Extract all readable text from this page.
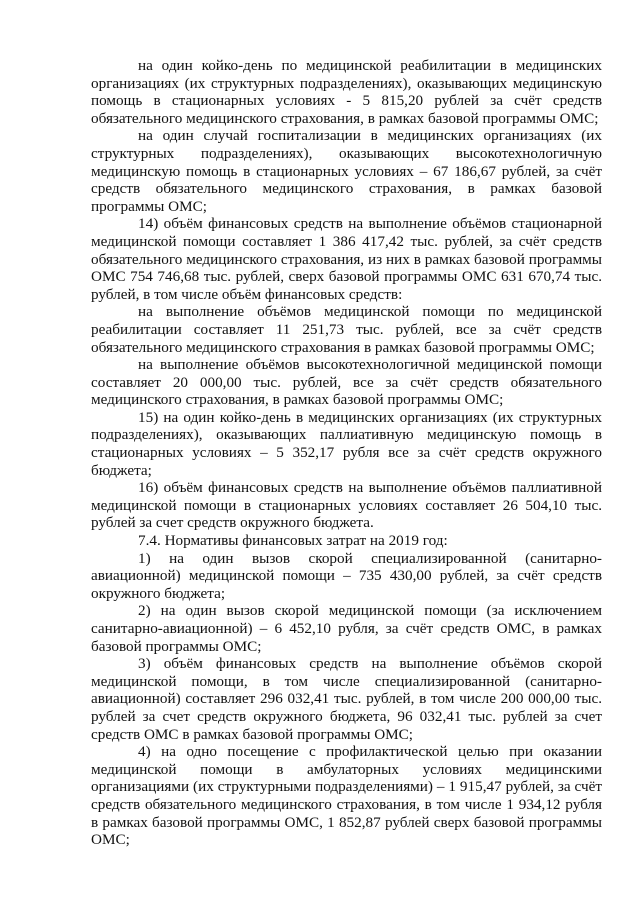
на один койко-день по медицинской реабилитации в медицинских организациях (их структурных подразделениях), оказывающих медицинскую помощь в стационарных условиях - 5 815,20 рублей за счёт средств обязательного медицинского страхования, в рамках базовой программы ОМС;

на один случай госпитализации в медицинских организациях (их структурных подразделениях), оказывающих высокотехнологичную медицинскую помощь в стационарных условиях – 67 186,67 рублей, за счёт средств обязательного медицинского страхования, в рамках базовой программы ОМС;

14) объём финансовых средств на выполнение объёмов стационарной медицинской помощи составляет 1 386 417,42 тыс. рублей, за счёт средств обязательного медицинского страхования, из них в рамках базовой программы ОМС 754 746,68 тыс. рублей, сверх базовой программы ОМС 631 670,74 тыс. рублей, в том числе объём финансовых средств:

на выполнение объёмов медицинской помощи по медицинской реабилитации составляет 11 251,73 тыс. рублей, все за счёт средств обязательного медицинского страхования в рамках базовой программы ОМС;

на выполнение объёмов высокотехнологичной медицинской помощи составляет 20 000,00 тыс. рублей, все за счёт средств обязательного медицинского страхования, в рамках базовой программы ОМС;

15) на один койко-день в медицинских организациях (их структурных подразделениях), оказывающих паллиативную медицинскую помощь в стационарных условиях – 5 352,17 рубля все за счёт средств окружного бюджета;

16) объём финансовых средств на выполнение объёмов паллиативной медицинской помощи в стационарных условиях составляет 26 504,10 тыс. рублей за счет средств окружного бюджета.

7.4. Нормативы финансовых затрат на 2019 год:

1) на один вызов скорой специализированной (санитарно-авиационной) медицинской помощи – 735 430,00 рублей, за счёт средств окружного бюджета;

2) на один вызов скорой медицинской помощи (за исключением санитарно-авиационной) – 6 452,10 рубля, за счёт средств ОМС, в рамках базовой программы ОМС;

3) объём финансовых средств на выполнение объёмов скорой медицинской помощи, в том числе специализированной (санитарно-авиационной) составляет 296 032,41 тыс. рублей, в том числе 200 000,00 тыс. рублей за счет средств окружного бюджета, 96 032,41 тыс. рублей за счет средств ОМС в рамках базовой программы ОМС;

4) на одно посещение с профилактической целью при оказании медицинской помощи в амбулаторных условиях медицинскими организациями (их структурными подразделениями) – 1 915,47 рублей, за счёт средств обязательного медицинского страхования, в том числе 1 934,12 рубля в рамках базовой программы ОМС, 1 852,87 рублей сверх базовой программы ОМС;
